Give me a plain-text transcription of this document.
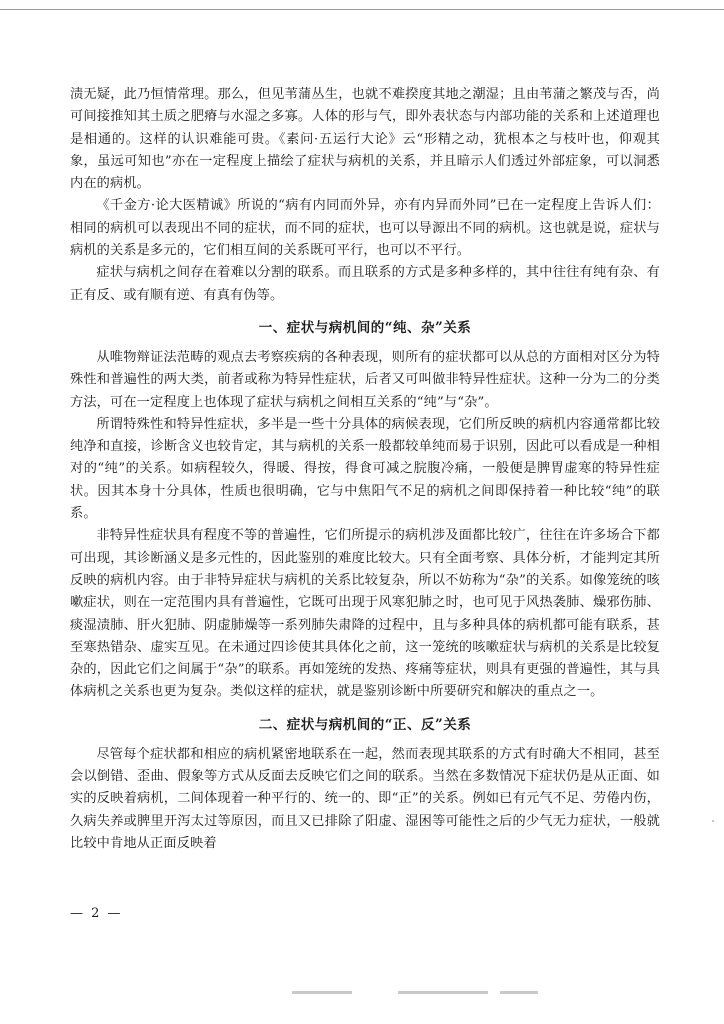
渍无疑，此乃恒情常理。那么，但见苇蒲丛生，也就不难揆度其地之潮湿；且由苇蒲之繁茂与否，尚可间接推知其土质之肥瘠与水湿之多寡。人体的形与气，即外表状态与内部功能的关系和上述道理也是相通的。这样的认识难能可贵。《素问·五运行大论》云“形精之动，犹根本之与枝叶也，仰观其象，虽远可知也”亦在一定程度上描绘了症状与病机的关系，并且暗示人们透过外部症象，可以洞悉内在的病机。

《千金方·论大医精诚》所说的“病有内同而外异，亦有内异而外同”已在一定程度上告诉人们：相同的病机可以表现出不同的症状，而不同的症状，也可以导源出不同的病机。这也就是说，症状与病机的关系是多元的，它们相互间的关系既可平行，也可以不平行。

症状与病机之间存在着难以分割的联系。而且联系的方式是多种多样的，其中往往有纯有杂、有正有反、或有顺有逆、有真有伪等。

一、症状与病机间的“纯、杂”关系

从唯物辩证法范畴的观点去考察疾病的各种表现，则所有的症状都可以从总的方面相对区分为特殊性和普遍性的两大类，前者或称为特异性症状，后者又可叫做非特异性症状。这种一分为二的分类方法，可在一定程度上也体现了症状与病机之间相互关系的“纯”与“杂”。

所谓特殊性和特异性症状，多半是一些十分具体的病候表现，它们所反映的病机内容通常都比较纯净和直接，诊断含义也较肯定，其与病机的关系一般都较单纯而易于识别，因此可以看成是一种相对的“纯”的关系。如病程较久，得暖、得按，得食可减之脘腹冷痛，一般便是脾胃虚寒的特异性症状。因其本身十分具体，性质也很明确，它与中焦阳气不足的病机之间即保持着一种比较“纯”的联系。

非特异性症状具有程度不等的普遍性，它们所提示的病机涉及面都比较广，往往在许多场合下都可出现，其诊断涵义是多元性的，因此鉴别的难度比较大。只有全面考察、具体分析，才能判定其所反映的病机内容。由于非特异症状与病机的关系比较复杂，所以不妨称为“杂”的关系。如像笼统的咳嗽症状，则在一定范围内具有普遍性，它既可出现于风寒犯肺之时，也可见于风热袭肺、燥邪伤肺、痰湿渍肺、肝火犯肺、阴虚肺燥等一系列肺失肃降的过程中，且与多种具体的病机都可能有联系，甚至寒热错杂、虚实互见。在未通过四诊使其具体化之前，这一笼统的咳嗽症状与病机的关系是比较复杂的，因此它们之间属于“杂”的联系。再如笼统的发热、疼痛等症状，则具有更强的普遍性，其与具体病机之关系也更为复杂。类似这样的症状，就是鉴别诊断中所要研究和解决的重点之一。

二、症状与病机间的“正、反”关系

尽管每个症状都和相应的病机紧密地联系在一起，然而表现其联系的方式有时确大不相同，甚至会以倒错、歪曲、假象等方式从反面去反映它们之间的联系。当然在多数情况下症状仍是从正面、如实的反映着病机，二间体现着一种平行的、统一的、即“正”的关系。例如已有元气不足、劳倦内伤，久病失养或脾里开泻太过等原因，而且又已排除了阳虚、湿困等可能性之后的少气无力症状，一般就比较中肯地从正面反映着

— 2 —
